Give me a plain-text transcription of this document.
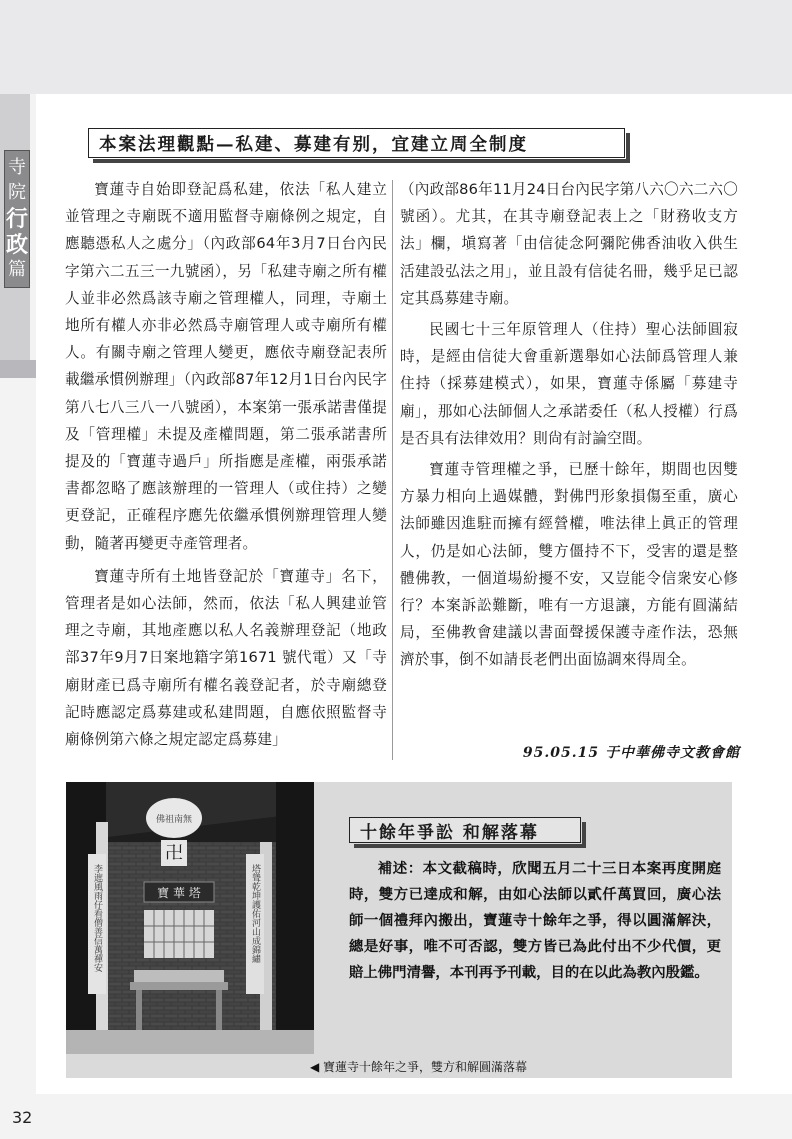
寺
院
行
政
篇
本案法理觀點—私建、募建有别，宜建立周全制度

寶蓮寺自始即登記爲私建，依法「私人建立並管理之寺廟既不適用監督寺廟條例之規定，自應聽憑私人之處分」（內政部64年3月7日台內民字第六二五三一九號函），另「私建寺廟之所有權人並非必然爲該寺廟之管理權人，同理，寺廟土地所有權人亦非必然爲寺廟管理人或寺廟所有權人。有關寺廟之管理人變更，應依寺廟登記表所載繼承慣例辦理」（內政部87年12月1日台內民字第八七八三八一八號函），本案第一張承諾書僅提及「管理權」未提及產權問題，第二張承諾書所提及的「寶蓮寺過戶」所指應是產權，兩張承諾書都忽略了應該辦理的一管理人（或住持）之變更登記，正確程序應先依繼承慣例辦理管理人變動，隨著再變更寺產管理者。

寶蓮寺所有土地皆登記於「寶蓮寺」名下，管理者是如心法師，然而，依法「私人興建並管理之寺廟，其地產應以私人名義辦理登記（地政部37年9月7日案地籍字第1671 號代電）又「寺廟財產已爲寺廟所有權名義登記者，於寺廟總登記時應認定爲募建或私建問題，自應依照監督寺廟條例第六條之規定認定爲募建」

（內政部86年11月24日台內民字第八六〇六二六〇號函）。尤其，在其寺廟登記表上之「財務收支方法」欄，塡寫著「由信徒念阿彌陀佛香油收入供生活建設弘法之用」，並且設有信徒名冊，幾乎足已認定其爲募建寺廟。

民國七十三年原管理人（住持）聖心法師圓寂時，是經由信徒大會重新選舉如心法師爲管理人兼住持（採募建模式），如果，寶蓮寺係屬「募建寺廟」，那如心法師個人之承諾委任（私人授權）行爲是否具有法律效用？則尙有討論空間。

寶蓮寺管理權之爭，已歷十餘年，期間也因雙方暴力相向上過媒體，對佛門形象損傷至重，廣心法師雖因進駐而擁有經營權，唯法律上眞正的管理人，仍是如心法師，雙方僵持不下，受害的還是整體佛教，一個道場紛擾不安，又豈能令信衆安心修行？本案訴訟難斷，唯有一方退讓，方能有圓滿結局，至佛教會建議以書面聲援保護寺產作法，恐無濟於事，倒不如請長老們出面協調來得周全。

95.05.15 于中華佛寺文教會館
李遮風雨仔看僧善信萬禪安	塔聳乾坤護佑河山成錦繡
佛祖南無
卍
寶 華 塔
◀ 寶蓮寺十餘年之爭，雙方和解圓滿落幕
十餘年爭訟 和解落幕

補述：本文截稿時，欣聞五月二十三日本案再度開庭時，雙方已達成和解，由如心法師以貳仟萬買回，廣心法師一個禮拜內搬出，寶蓮寺十餘年之爭，得以圓滿解決，總是好事，唯不可否認，雙方皆已為此付出不少代價，更賠上佛門清譽，本刊再予刊載，目的在以此為教內殷鑑。

32
